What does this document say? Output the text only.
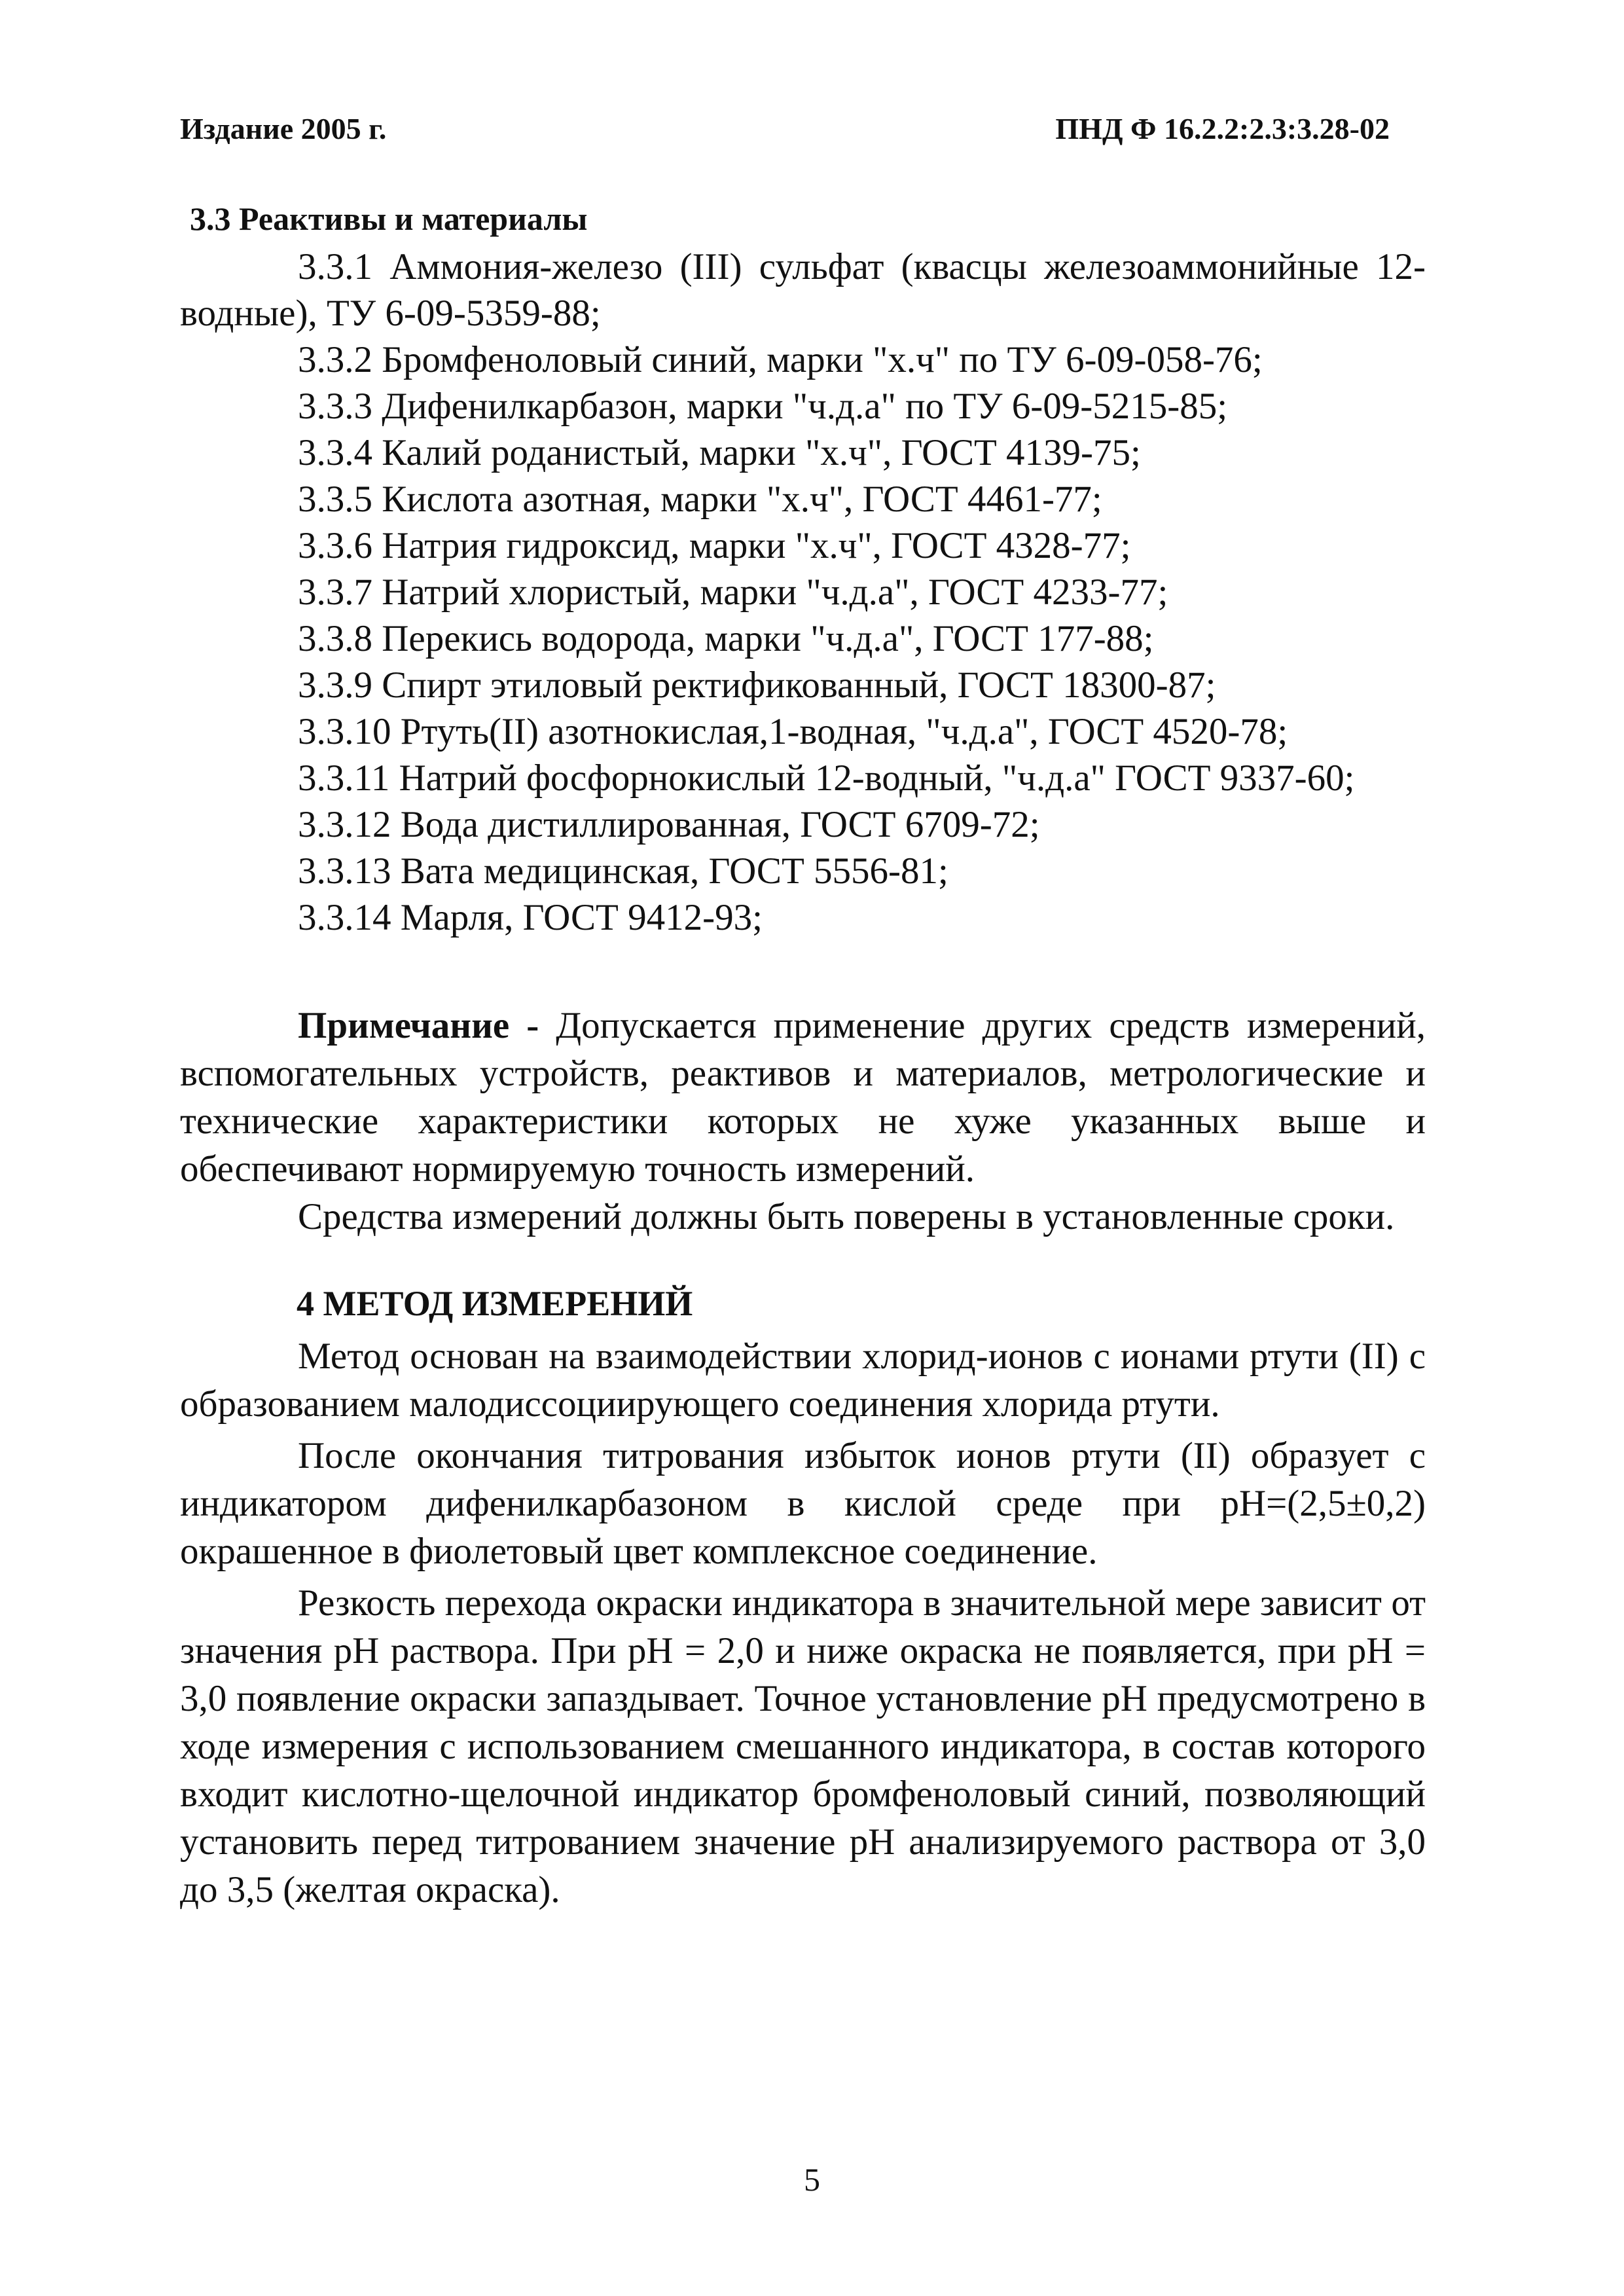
Издание 2005 г.	ПНД Ф 16.2.2:2.3:3.28-02
3.3 Реактивы и материалы

3.3.1 Аммония-железо (III) сульфат (квасцы железоаммонийные 12-водные), ТУ 6-09-5359-88;

3.3.2 Бромфеноловый синий, марки "х.ч" по ТУ 6-09-058-76;

3.3.3 Дифенилкарбазон, марки "ч.д.а" по ТУ 6-09-5215-85;

3.3.4 Калий роданистый, марки "х.ч", ГОСТ 4139-75;

3.3.5 Кислота азотная, марки "х.ч", ГОСТ 4461-77;

3.3.6 Натрия гидроксид, марки "х.ч", ГОСТ 4328-77;

3.3.7 Натрий хлористый, марки "ч.д.а", ГОСТ 4233-77;

3.3.8 Перекись водорода, марки "ч.д.а", ГОСТ 177-88;

3.3.9 Спирт этиловый ректификованный, ГОСТ 18300-87;

3.3.10 Ртуть(II) азотнокислая,1-водная, "ч.д.а", ГОСТ 4520-78;

3.3.11 Натрий фосфорнокислый 12-водный, "ч.д.а" ГОСТ 9337-60;

3.3.12 Вода дистиллированная, ГОСТ 6709-72;

3.3.13 Вата медицинская, ГОСТ 5556-81;

3.3.14 Марля, ГОСТ 9412-93;

Примечание - Допускается применение других средств измерений, вспомогательных устройств, реактивов и материалов, метрологические и технические характеристики которых не хуже указанных выше и обеспечивают нормируемую точность измерений.

Средства измерений должны быть поверены в установленные сроки.

4 МЕТОД ИЗМЕРЕНИЙ

Метод основан на взаимодействии хлорид-ионов с ионами ртути (II) с образованием малодиссоциирующего соединения хлорида ртути.

После окончания титрования избыток ионов ртути (II) образует с индикатором дифенилкарбазоном в кислой среде при pH=(2,5±0,2) окрашенное в фиолетовый цвет комплексное соединение.

Резкость перехода окраски индикатора в значительной мере зависит от значения pH раствора. При pH = 2,0 и ниже окраска не появляется, при pH = 3,0 появление окраски запаздывает. Точное установление pH предусмотрено в ходе измерения с использованием смешанного индикатора, в состав которого входит кислотно-щелочной индикатор бромфеноловый синий, позволяющий установить перед титрованием значение pH анализируемого раствора от 3,0 до 3,5 (желтая окраска).

5
